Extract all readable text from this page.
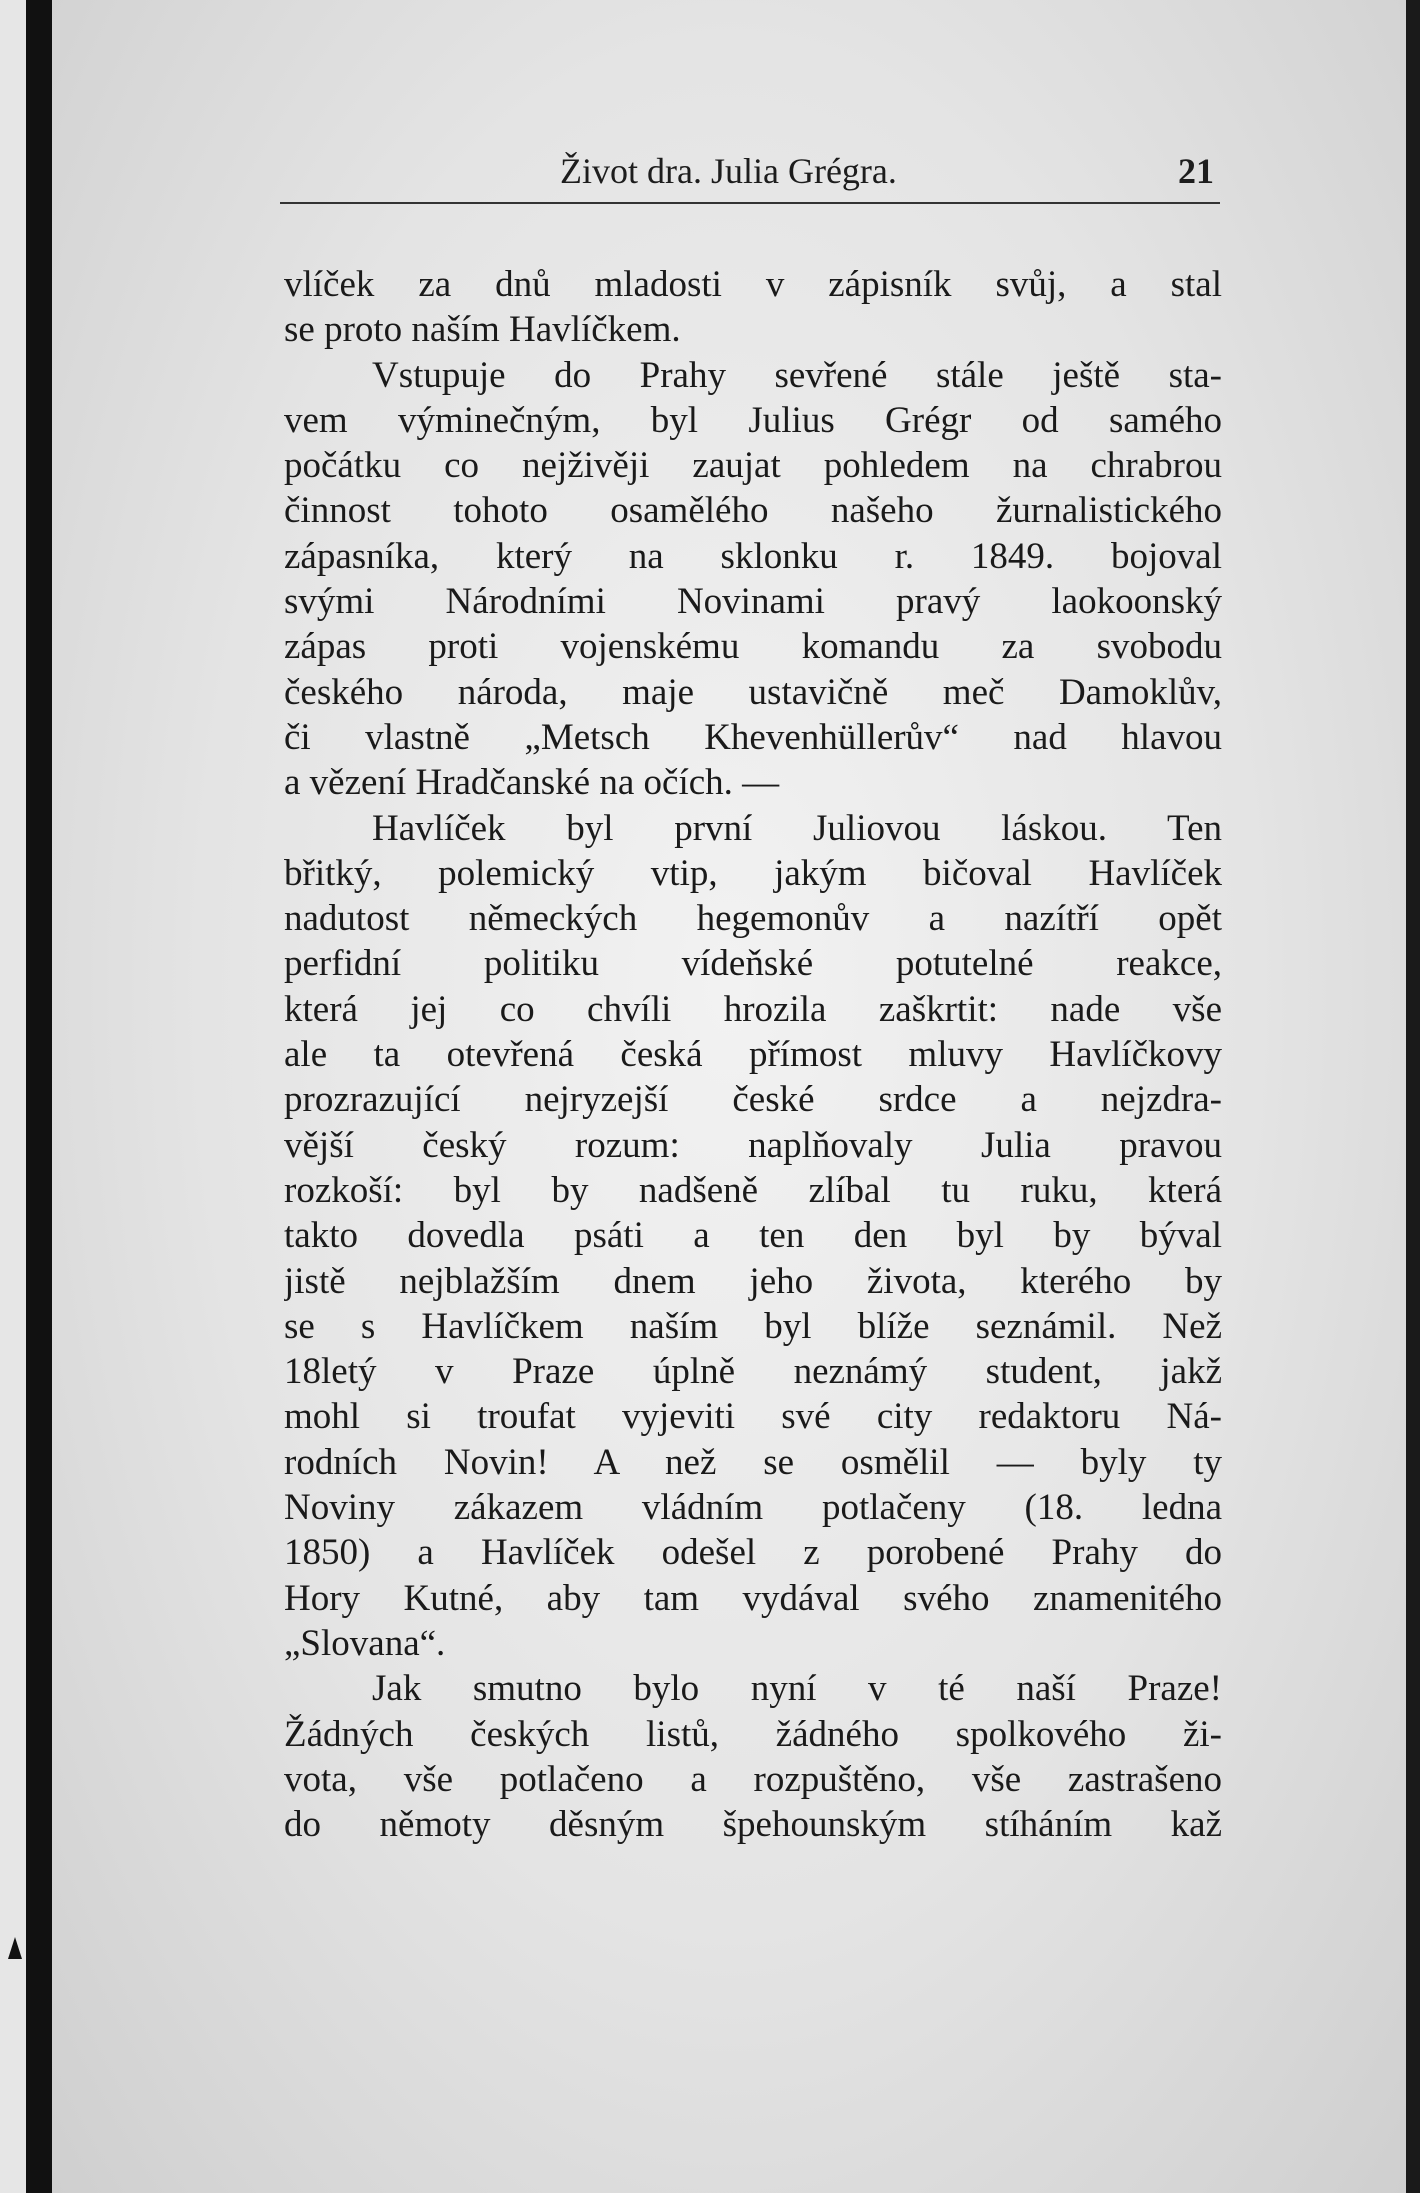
Život dra. Julia Grégra.	21
vlíček za dnů mladosti v zápisník svůj, a stal
se proto naším Havlíčkem.
Vstupuje do Prahy sevřené stále ještě sta-
vem výminečným, byl Julius Grégr od samého
počátku co nejživěji zaujat pohledem na chrabrou
činnost tohoto osamělého našeho žurnalistického
zápasníka, který na sklonku r. 1849. bojoval
svými Národními Novinami pravý laokoonský
zápas proti vojenskému komandu za svobodu
českého národa, maje ustavičně meč Damoklův,
či vlastně „Metsch Khevenhüllerův“ nad hlavou
a vězení Hradčanské na očích. —
Havlíček byl první Juliovou láskou. Ten
břitký, polemický vtip, jakým bičoval Havlíček
nadutost německých hegemonův a nazítří opět
perfidní politiku vídeňské potutelné reakce,
která jej co chvíli hrozila zaškrtit: nade vše
ale ta otevřená česká přímost mluvy Havlíčkovy
prozrazující nejryzejší české srdce a nejzdra-
vější český rozum: naplňovaly Julia pravou
rozkoší: byl by nadšeně zlíbal tu ruku, která
takto dovedla psáti a ten den byl by býval
jistě nejblažším dnem jeho života, kterého by
se s Havlíčkem naším byl blíže seznámil. Než
18letý v Praze úplně neznámý student, jakž
mohl si troufat vyjeviti své city redaktoru Ná-
rodních Novin! A než se osmělil — byly ty
Noviny zákazem vládním potlačeny (18. ledna
1850) a Havlíček odešel z porobené Prahy do
Hory Kutné, aby tam vydával svého znamenitého
„Slovana“.
Jak smutno bylo nyní v té naší Praze!
Žádných českých listů, žádného spolkového ži-
vota, vše potlačeno a rozpuštěno, vše zastrašeno
do němoty děsným špehounským stíháním kaž
